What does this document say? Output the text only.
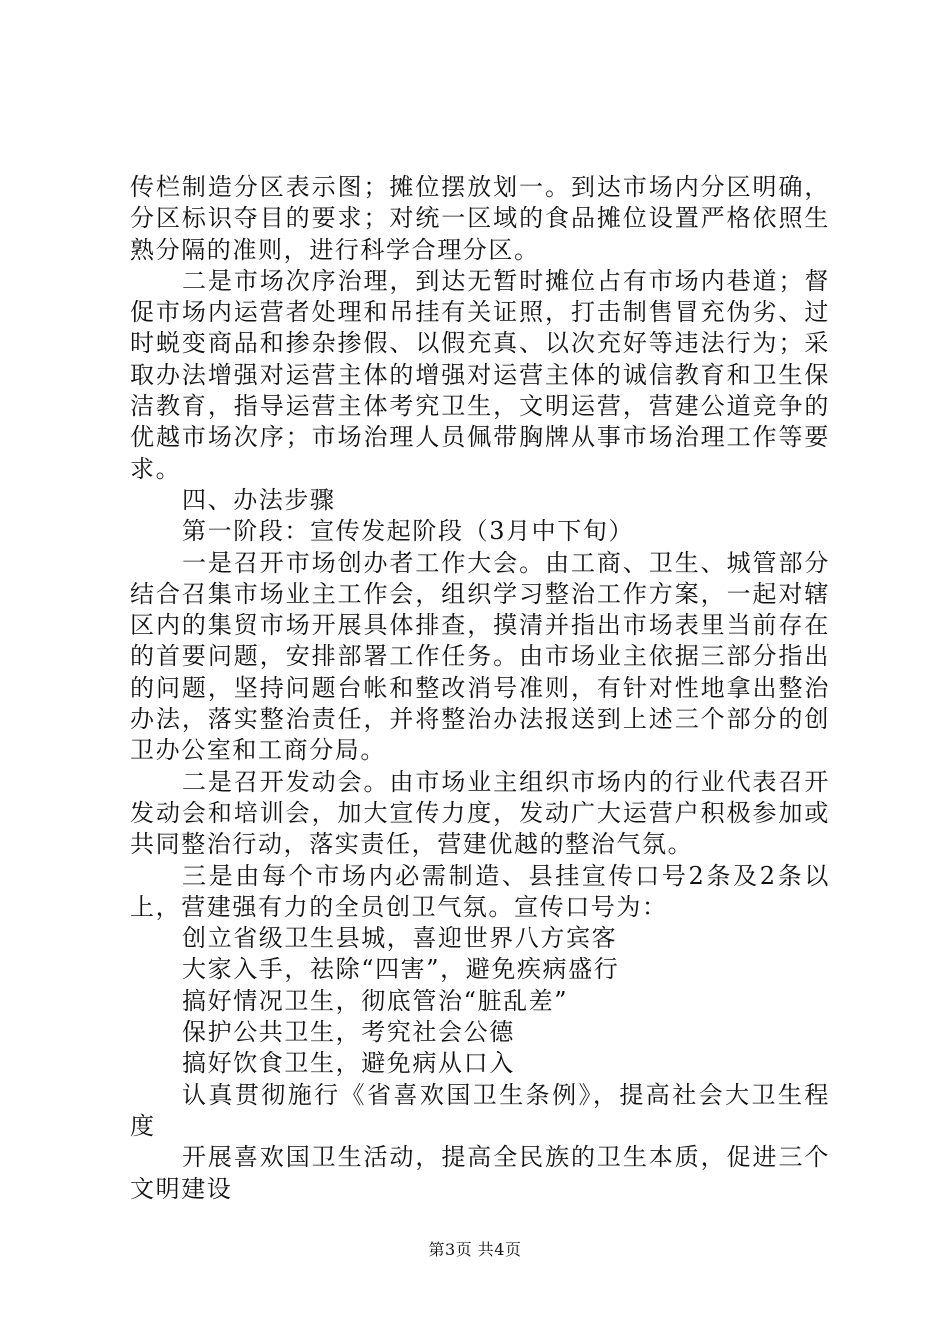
传栏制造分区表示图；摊位摆放划一。到达市场内分区明确，分区标识夺目的要求；对统一区域的食品摊位设置严格依照生熟分隔的准则，进行科学合理分区。

二是市场次序治理，到达无暂时摊位占有市场内巷道；督促市场内运营者处理和吊挂有关证照，打击制售冒充伪劣、过时蜕变商品和掺杂掺假、以假充真、以次充好等违法行为；采取办法增强对运营主体的增强对运营主体的诚信教育和卫生保洁教育，指导运营主体考究卫生，文明运营，营建公道竞争的优越市场次序；市场治理人员佩带胸牌从事市场治理工作等要求。

四、办法步骤

第一阶段：宣传发起阶段（3月中下旬）

一是召开市场创办者工作大会。由工商、卫生、城管部分结合召集市场业主工作会，组织学习整治工作方案，一起对辖区内的集贸市场开展具体排查，摸清并指出市场表里当前存在的首要问题，安排部署工作任务。由市场业主依据三部分指出的问题，坚持问题台帐和整改消号准则，有针对性地拿出整治办法，落实整治责任，并将整治办法报送到上述三个部分的创卫办公室和工商分局。

二是召开发动会。由市场业主组织市场内的行业代表召开发动会和培训会，加大宣传力度，发动广大运营户积极参加或共同整治行动，落实责任，营建优越的整治气氛。

三是由每个市场内必需制造、县挂宣传口号2条及2条以上，营建强有力的全员创卫气氛。宣传口号为：

创立省级卫生县城，喜迎世界八方宾客

大家入手，祛除“四害”，避免疾病盛行

搞好情况卫生，彻底管治“脏乱差”

保护公共卫生，考究社会公德

搞好饮食卫生，避免病从口入

认真贯彻施行《省喜欢国卫生条例》，提高社会大卫生程度

开展喜欢国卫生活动，提高全民族的卫生本质，促进三个文明建设

第3页 共4页
